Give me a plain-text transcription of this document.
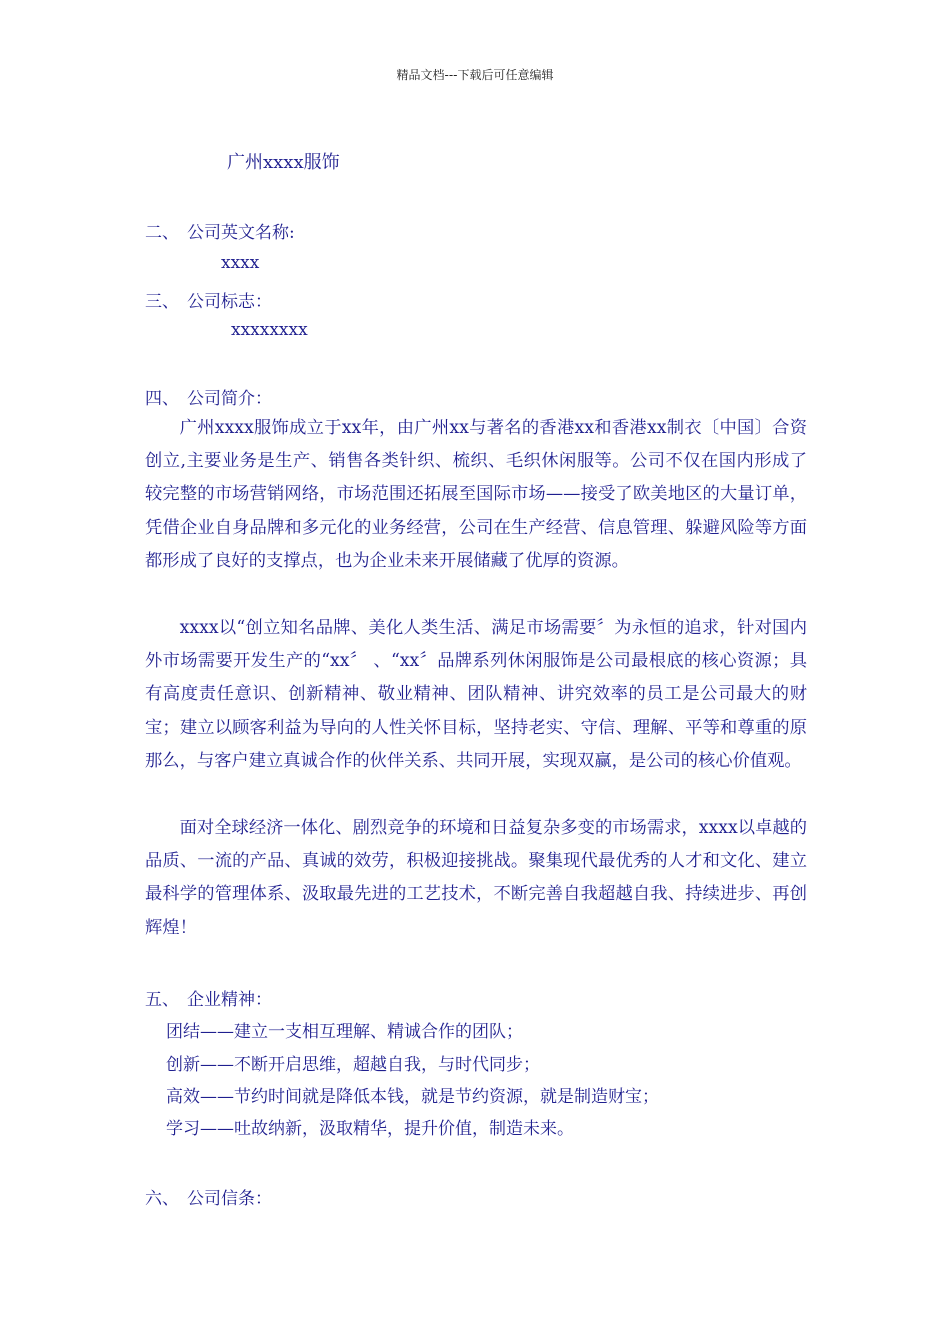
精品文档---下载后可任意编辑
广州xxxx服饰
二、 公司英文名称:
xxxx
三、 公司标志：
xxxxxxxx
四、 公司简介：

广州xxxx服饰成立于xx年，由广州xx与著名的香港xx和香港xx制衣〔中国〕合资创立,主要业务是生产、销售各类针织、梳织、毛织休闲服等。公司不仅在国内形成了较完整的市场营销网络，市场范围还拓展至国际市场——接受了欧美地区的大量订单，凭借企业自身品牌和多元化的业务经营，公司在生产经营、信息管理、躲避风险等方面都形成了良好的支撑点，也为企业未来开展储藏了优厚的资源。

xxxx以“创立知名品牌、美化人类生活、满足市场需要〞为永恒的追求，针对国内外市场需要开发生产的“xx〞 、“xx〞品牌系列休闲服饰是公司最根底的核心资源；具有高度责任意识、创新精神、敬业精神、团队精神、讲究效率的员工是公司最大的财宝；建立以顾客利益为导向的人性关怀目标，坚持老实、守信、理解、平等和尊重的原那么，与客户建立真诚合作的伙伴关系、共同开展，实现双赢，是公司的核心价值观。

面对全球经济一体化、剧烈竞争的环境和日益复杂多变的市场需求，xxxx以卓越的品质、一流的产品、真诚的效劳，积极迎接挑战。聚集现代最优秀的人才和文化、建立最科学的管理体系、汲取最先进的工艺技术，不断完善自我超越自我、持续进步、再创辉煌！

五、 企业精神：
团结——建立一支相互理解、精诚合作的团队；
创新——不断开启思维，超越自我，与时代同步；
高效——节约时间就是降低本钱，就是节约资源，就是制造财宝；
学习——吐故纳新，汲取精华，提升价值，制造未来。
六、 公司信条：
